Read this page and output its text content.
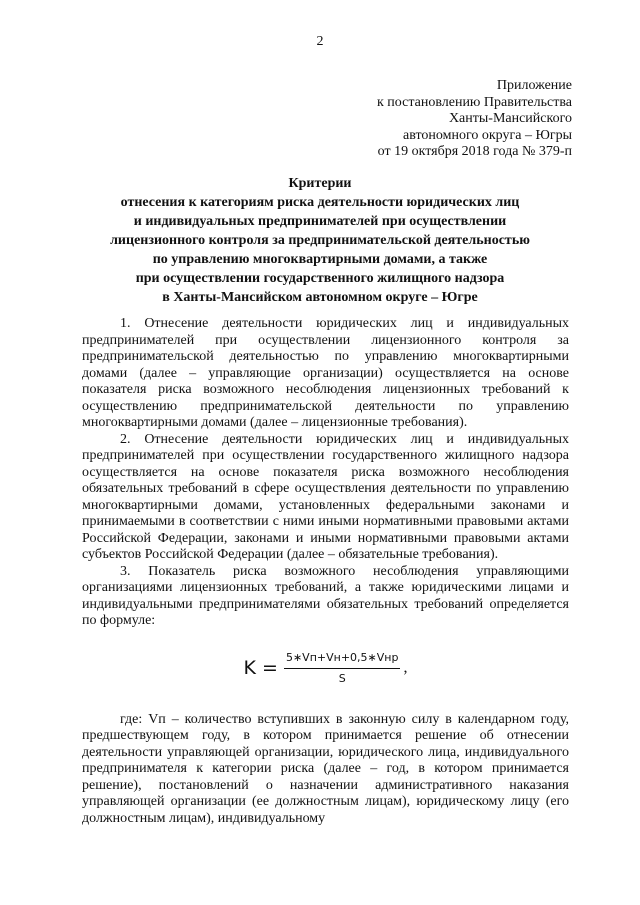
2
Приложение
к постановлению Правительства
Ханты-Мансийского
автономного округа – Югры
от 19 октября 2018 года № 379-п
Критерии
отнесения к категориям риска деятельности юридических лиц
и индивидуальных предпринимателей при осуществлении
лицензионного контроля за предпринимательской деятельностью
по управлению многоквартирными домами, а также
при осуществлении государственного жилищного надзора
в Ханты-Мансийском автономном округе – Югре

1. Отнесение деятельности юридических лиц и индивидуальных предпринимателей при осуществлении лицензионного контроля за предпринимательской деятельностью по управлению многоквартирными домами (далее – управляющие организации) осуществляется на основе показателя риска возможного несоблюдения лицензионных требований к осуществлению предпринимательской деятельности по управлению многоквартирными домами (далее – лицензионные требования).

2. Отнесение деятельности юридических лиц и индивидуальных предпринимателей при осуществлении государственного жилищного надзора осуществляется на основе показателя риска возможного несоблюдения обязательных требований в сфере осуществления деятельности по управлению многоквартирными домами, установленных федеральными законами и принимаемыми в соответствии с ними иными нормативными правовыми актами Российской Федерации, законами и иными нормативными правовыми актами субъектов Российской Федерации (далее – обязательные требования).

3. Показатель риска возможного несоблюдения управляющими организациями лицензионных требований, а также юридическими лицами и индивидуальными предпринимателями обязательных требований определяется по формуле:

$K = \frac{\text{5∗Vп+Vн+0,5∗Vнр}}{S}$ ,

где: Vп – количество вступивших в законную силу в календарном году, предшествующем году, в котором принимается решение об отнесении деятельности управляющей организации, юридического лица, индивидуального предпринимателя к категории риска (далее – год, в котором принимается решение), постановлений о назначении административного наказания управляющей организации (ее должностным лицам), юридическому лицу (его должностным лицам), индивидуальному
